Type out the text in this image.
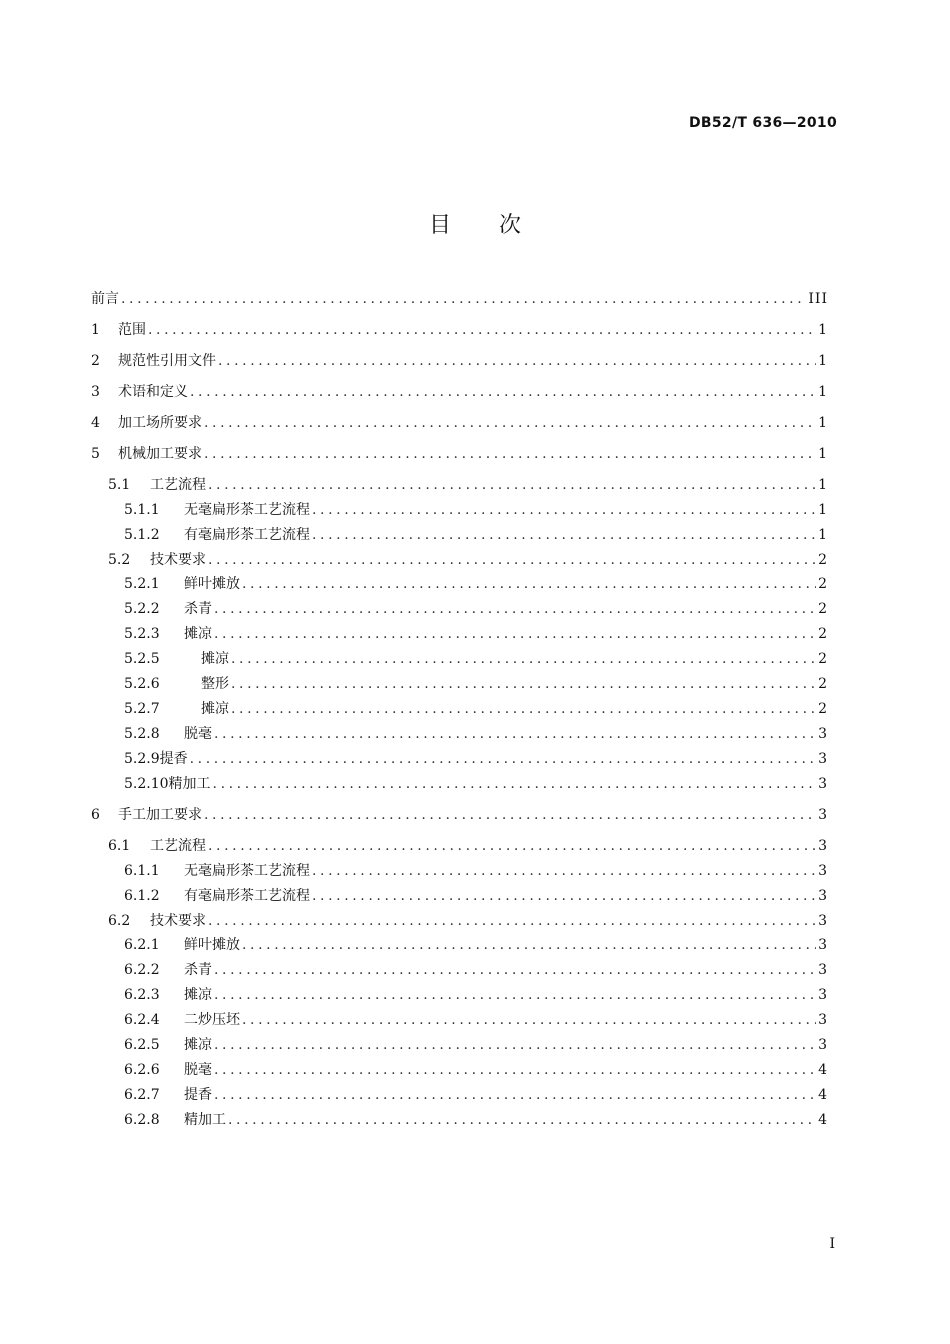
DB52/T 636—2010
目次
前言 .....	III
1	范围 .....	1
2	规范性引用文件 .....	1
3	术语和定义 .....	1
4	加工场所要求 .....	1
5	机械加工要求 .....	1
5.1	工艺流程 .....	1
5.1.1	无毫扁形茶工艺流程 .....	1
5.1.2	有毫扁形茶工艺流程 .....	1
5.2	技术要求 .....	2
5.2.1	鲜叶摊放 .....	2
5.2.2	杀青 .....	2
5.2.3	摊凉 .....	2
5.2.5	摊凉 .....	2
5.2.6	整形 .....	2
5.2.7	摊凉 .....	2
5.2.8	脱毫 .....	3
5.2.9 提香 .....	3
5.2.10 精加工 .....	3
6	手工加工要求 .....	3
6.1	工艺流程 .....	3
6.1.1	无毫扁形茶工艺流程 .....	3
6.1.2	有毫扁形茶工艺流程 .....	3
6.2	技术要求 .....	3
6.2.1	鲜叶摊放 .....	3
6.2.2	杀青 .....	3
6.2.3	摊凉 .....	3
6.2.4	二炒压坯 .....	3
6.2.5	摊凉 .....	3
6.2.6	脱毫 .....	4
6.2.7	提香 .....	4
6.2.8	精加工 .....	4
I
